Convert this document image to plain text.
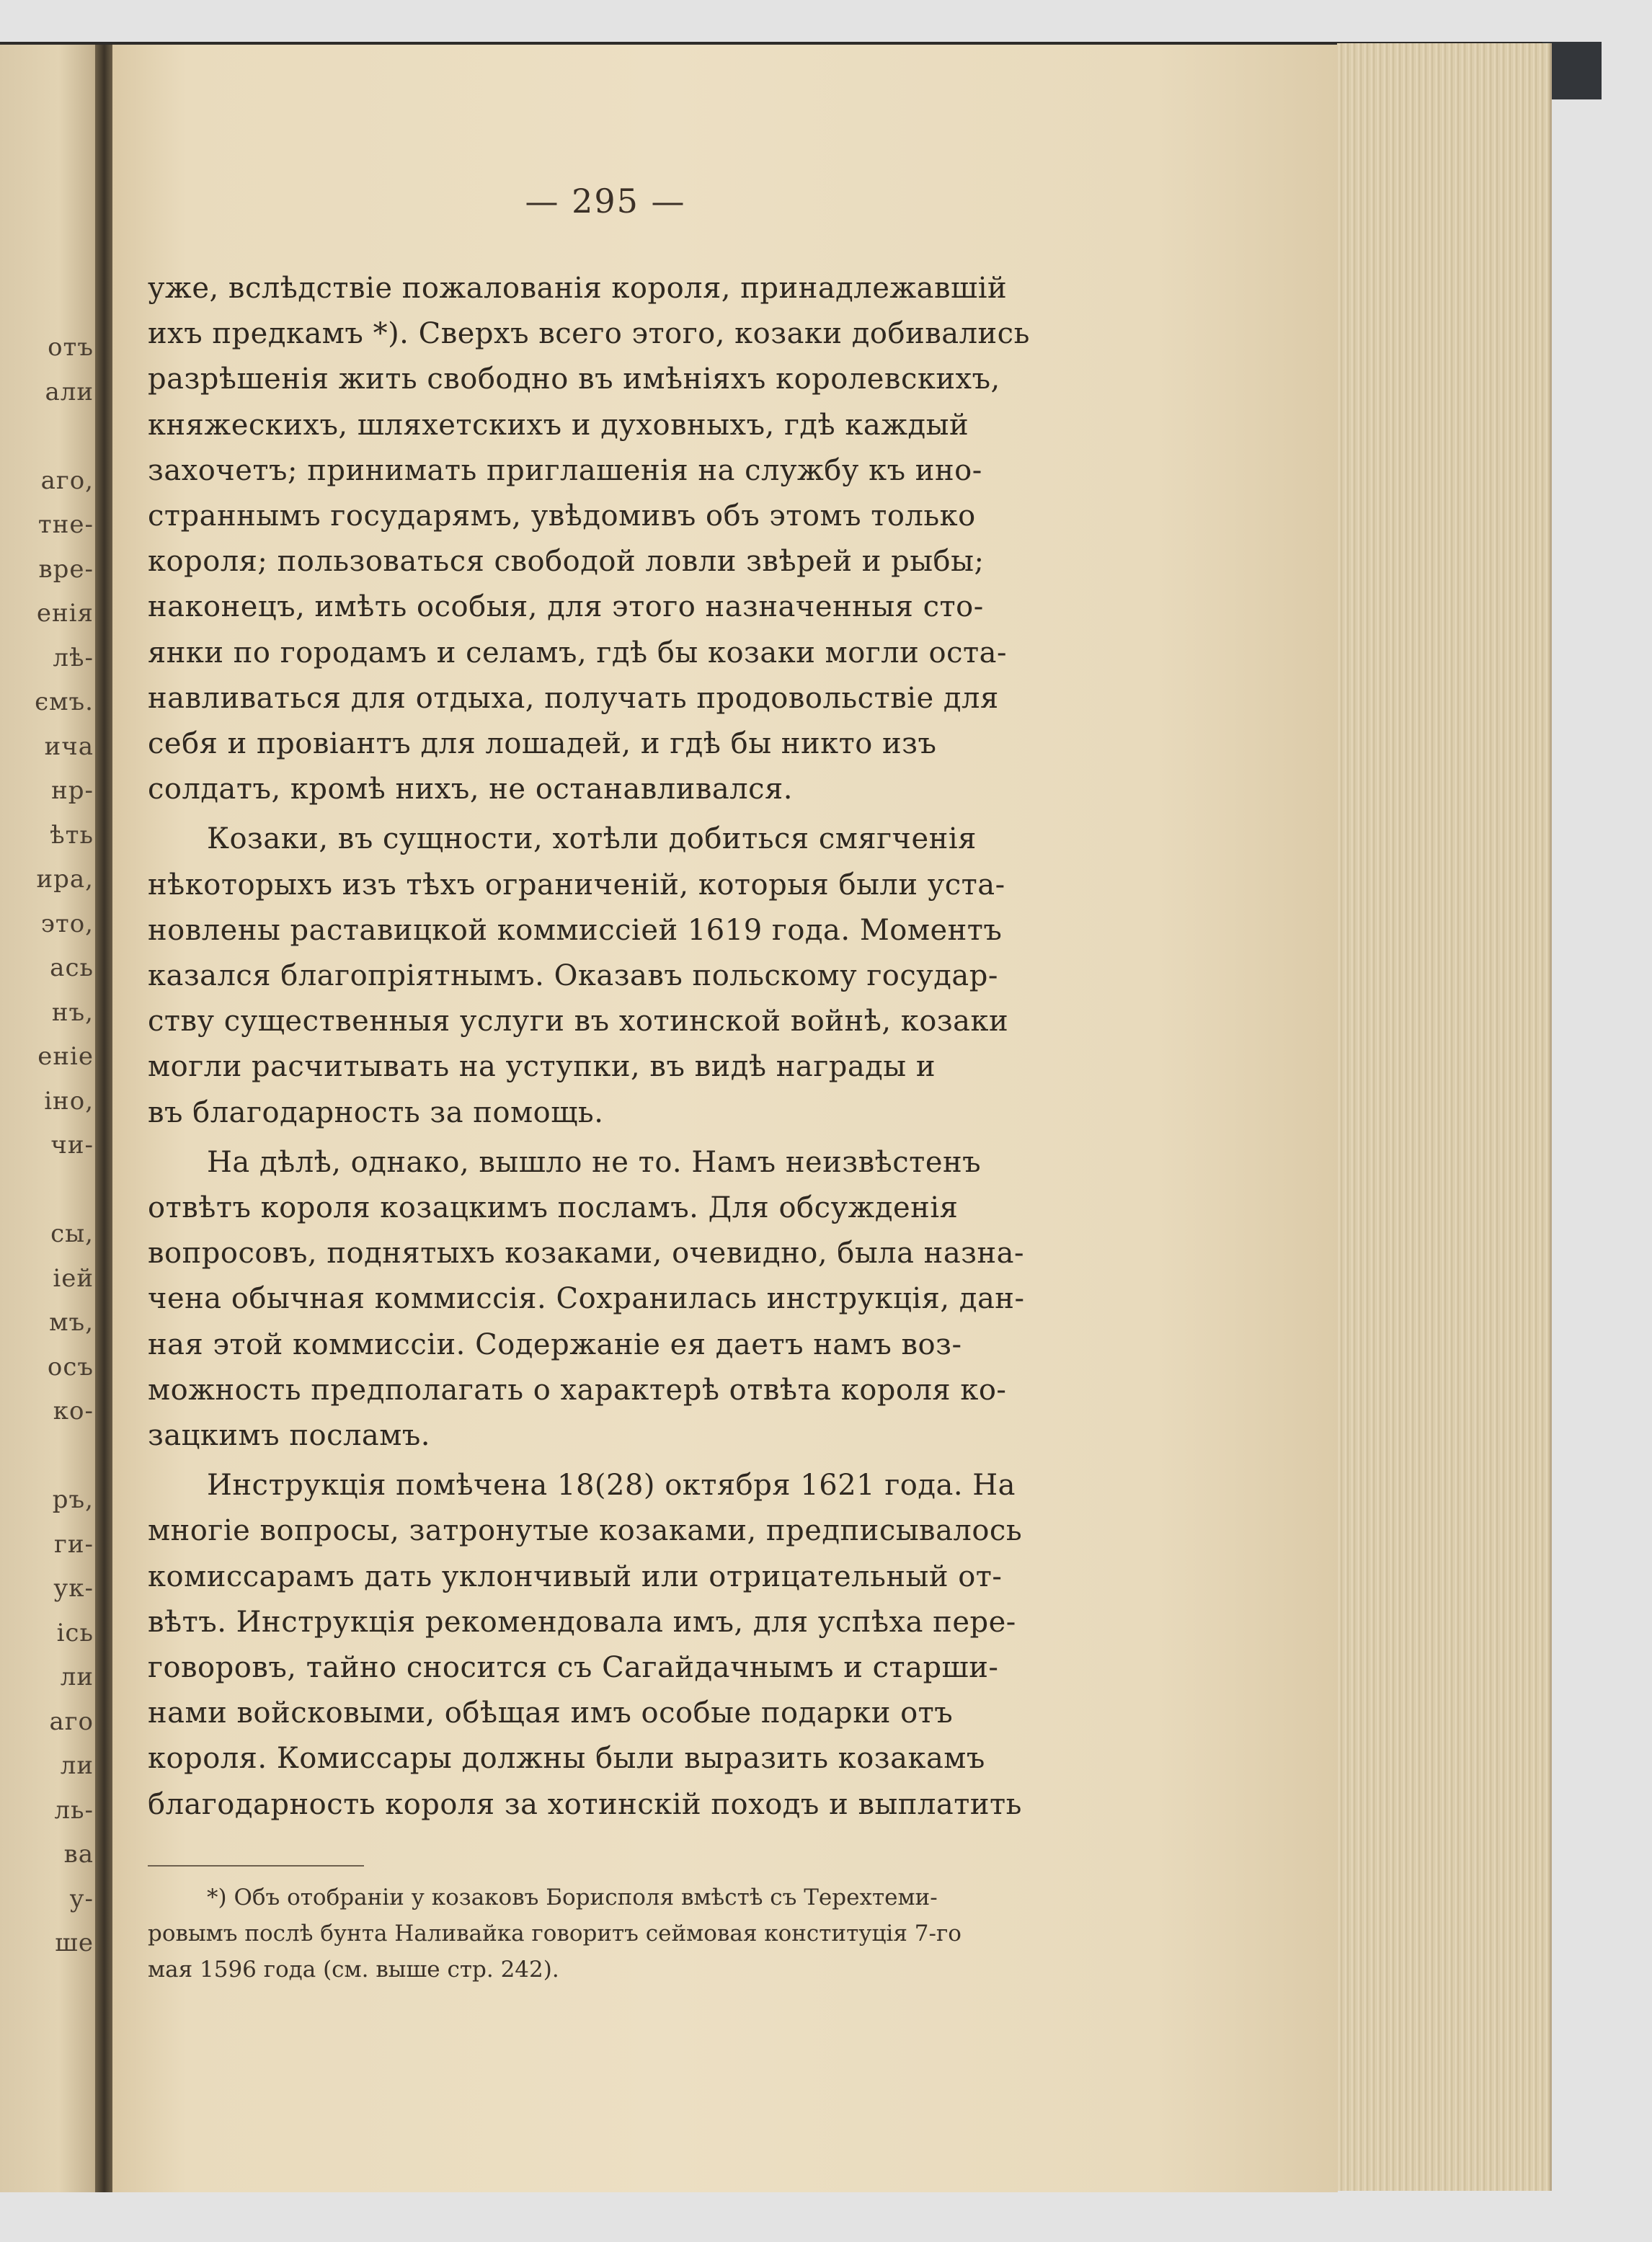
отъ
али
аго,
тне-
вре-
енія
лѣ-
ємъ.
ича
нр-
ѣть
ира,
это,
ась
нъ,
еніе
іно,
чи-
сы,
іей
мъ,
осъ
ко-
ръ,
ги-
ук-
ісь
ли
аго
ли
ль-
ва
у-
ше
— 295 —
уже, вслѣдствіе пожалованія короля, принадлежавшій
ихъ предкамъ *). Сверхъ всего этого, козаки добивались
разрѣшенія жить свободно въ имѣніяхъ королевскихъ,
княжескихъ, шляхетскихъ и духовныхъ, гдѣ каждый
захочетъ; принимать приглашенія на службу къ ино-
страннымъ государямъ, увѣдомивъ объ этомъ только
короля; пользоваться свободой ловли звѣрей и рыбы;
наконецъ, имѣть особыя, для этого назначенныя сто-
янки по городамъ и селамъ, гдѣ бы козаки могли оста-
навливаться для отдыха, получать продовольствіе для
себя и провіантъ для лошадей, и гдѣ бы никто изъ
солдатъ, кромѣ нихъ, не останавливался.
Козаки, въ сущности, хотѣли добиться смягченія
нѣкоторыхъ изъ тѣхъ ограниченій, которыя были уста-
новлены раставицкой коммиссіей 1619 года. Моментъ
казался благопріятнымъ. Оказавъ польскому государ-
ству существенныя услуги въ хотинской войнѣ, козаки
могли расчитывать на уступки, въ видѣ награды и
въ благодарность за помощь.
На дѣлѣ, однако, вышло не то. Намъ неизвѣстенъ
отвѣтъ короля козацкимъ посламъ. Для обсужденія
вопросовъ, поднятыхъ козаками, очевидно, была назна-
чена обычная коммиссія. Сохранилась инструкція, дан-
ная этой коммиссіи. Содержаніе ея даетъ намъ воз-
можность предполагать о характерѣ отвѣта короля ко-
зацкимъ посламъ.
Инструкція помѣчена 18(28) октября 1621 года. На
многіе вопросы, затронутые козаками, предписывалось
комиссарамъ дать уклончивый или отрицательный от-
вѣтъ. Инструкція рекомендовала имъ, для успѣха пере-
говоровъ, тайно сносится съ Сагайдачнымъ и старши-
нами войсковыми, обѣщая имъ особые подарки отъ
короля. Комиссары должны были выразить козакамъ
благодарность короля за хотинскій походъ и выплатить
*) Объ отобраніи у козаковъ Борисполя вмѣстѣ съ Терехтеми-
ровымъ послѣ бунта Наливайка говоритъ сеймовая конституція 7-го
мая 1596 года (см. выше стр. 242).
